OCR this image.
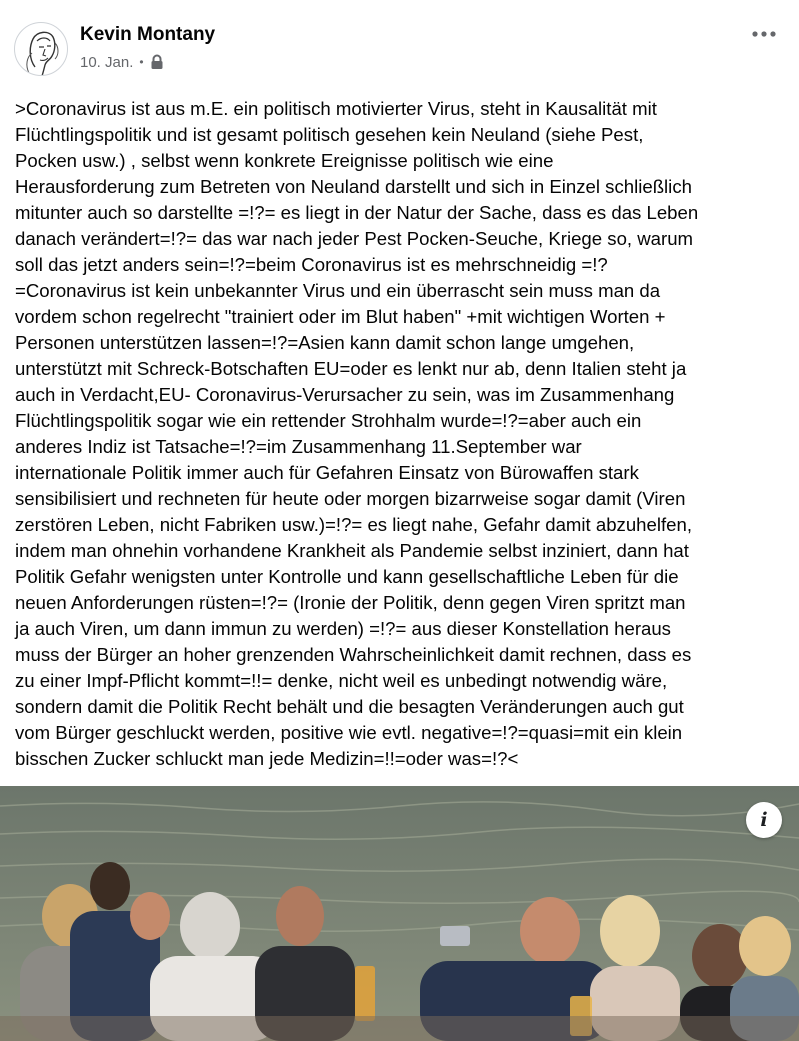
Kevin Montany
10. Jan. •
>Coronavirus ist aus m.E. ein politisch motivierter Virus, steht in Kausalität mit
Flüchtlingspolitik und ist gesamt politisch gesehen kein Neuland (siehe Pest,
Pocken usw.) , selbst wenn konkrete Ereignisse politisch wie eine
Herausforderung zum Betreten von Neuland darstellt und sich in Einzel schließlich
mitunter auch so darstellte =!?= es liegt in der Natur der Sache, dass es das Leben
danach verändert=!?= das war nach jeder Pest Pocken-Seuche, Kriege so, warum
soll das jetzt anders sein=!?=beim Coronavirus ist es mehrschneidig =!?
=Coronavirus ist kein unbekannter Virus und ein überrascht sein muss man da
vordem schon regelrecht "trainiert oder im Blut haben" +mit wichtigen Worten +
Personen unterstützen lassen=!?=Asien kann damit schon lange umgehen,
unterstützt mit Schreck-Botschaften EU=oder es lenkt nur ab, denn Italien steht ja
auch in Verdacht,EU- Coronavirus-Verursacher zu sein, was im Zusammenhang
Flüchtlingspolitik sogar wie ein rettender Strohhalm wurde=!?=aber auch ein
anderes Indiz ist Tatsache=!?=im Zusammenhang 11.September war
internationale Politik immer auch für Gefahren Einsatz von Bürowaffen stark
sensibilisiert und rechneten für heute oder morgen bizarrweise sogar damit (Viren
zerstören Leben, nicht Fabriken usw.)=!?= es liegt nahe, Gefahr damit abzuhelfen,
indem man ohnehin vorhandene Krankheit als Pandemie selbst inziniert, dann hat
Politik Gefahr wenigsten unter Kontrolle und kann gesellschaftliche Leben für die
neuen Anforderungen rüsten=!?= (Ironie der Politik, denn gegen Viren spritzt man
ja auch Viren, um dann immun zu werden) =!?= aus dieser Konstellation heraus
muss der Bürger an hoher grenzenden Wahrscheinlichkeit damit rechnen, dass es
zu einer Impf-Pflicht kommt=!!= denke, nicht weil es unbedingt notwendig wäre,
sondern damit die Politik Recht behält und die besagten Veränderungen auch gut
vom Bürger geschluckt werden, positive wie evtl. negative=!?=quasi=mit ein klein
bisschen Zucker schluckt man jede Medizin=!!=oder was=!?<
i
